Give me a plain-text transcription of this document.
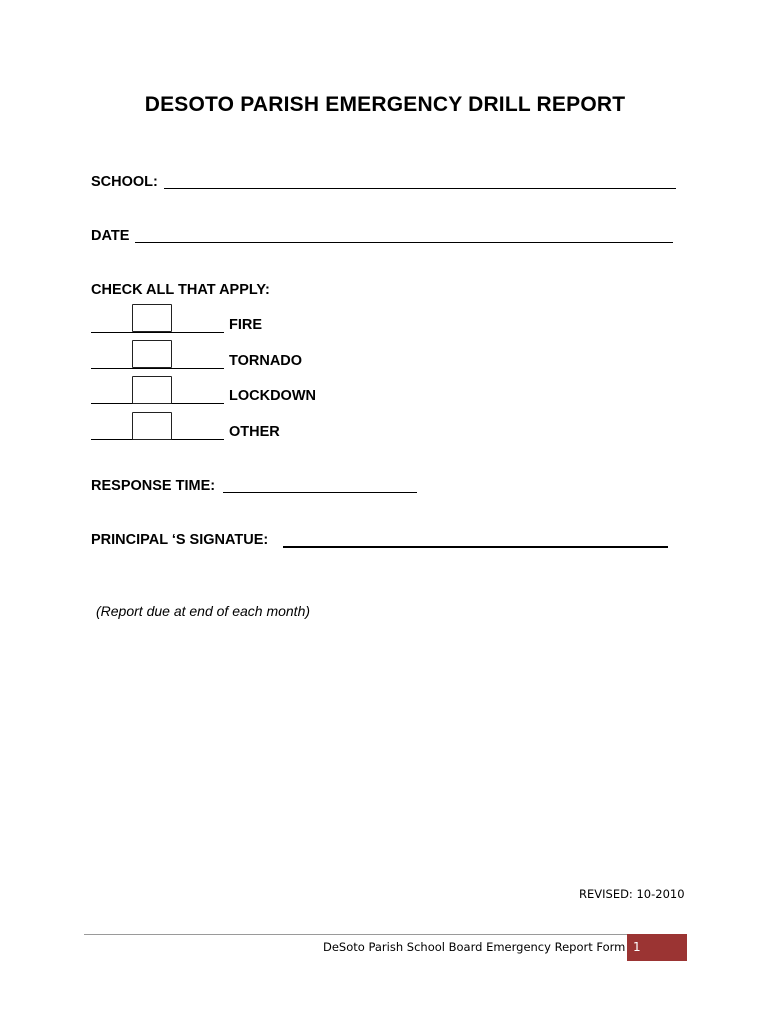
DESOTO PARISH EMERGENCY DRILL REPORT
SCHOOL:
DATE
CHECK ALL THAT APPLY:
FIRE
TORNADO
LOCKDOWN
OTHER
RESPONSE TIME:
PRINCIPAL ‘S SIGNATUE:
(Report due at end of each month)
REVISED: 10-2010
DeSoto Parish School Board Emergency Report Form 1
